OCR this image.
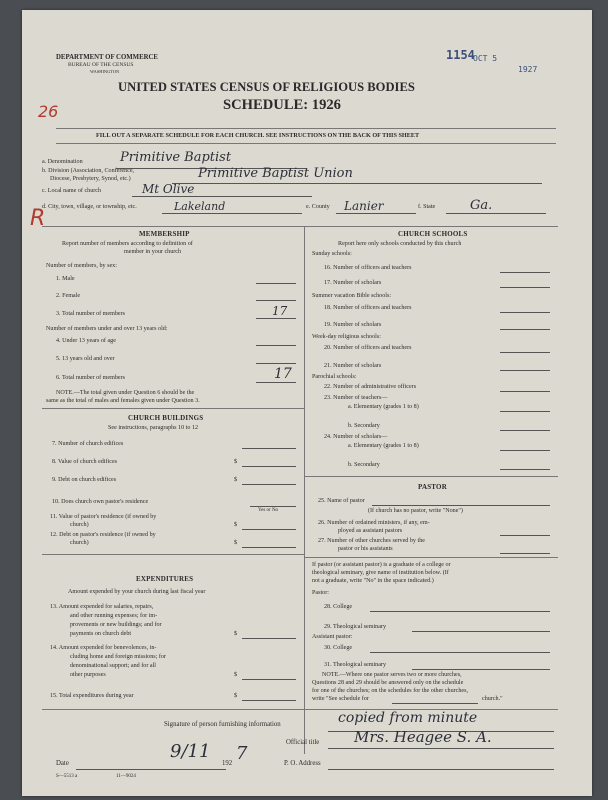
1154
OCT 5
1927
DEPARTMENT OF COMMERCE
BUREAU OF THE CENSUS
WASHINGTON
UNITED STATES CENSUS OF RELIGIOUS BODIES
SCHEDULE: 1926
26
R
FILL OUT A SEPARATE SCHEDULE FOR EACH CHURCH. SEE INSTRUCTIONS ON THE BACK OF THIS SHEET
a. Denomination	Primitive Baptist
b. Division (Association, Conference,
Diocese, Presbytery, Synod, etc.)	Primitive Baptist Union
c. Local name of church	Mt Olive
d. City, town, village, or township, etc.	Lakeland	e. County Lanier	f. State	Ga.
MEMBERSHIP
Report number of members according to definition of
member in your church
Number of members, by sex:
1. Male
2. Female
3. Total number of members	17
Number of members under and over 13 years old:
4. Under 13 years of age
5. 13 years old and over
6. Total number of members	17
NOTE.—The total given under Question 6 should be the
same as the total of males and females given under Question 3.
CHURCH BUILDINGS
See instructions, paragraphs 10 to 12
7. Number of church edifices
8. Value of church edifices	$
9. Debt on church edifices	$
10. Does church own pastor's residence
Yes or No
11. Value of pastor's residence (if owned by
church)	$
12. Debt on pastor's residence (if owned by
church)	$
EXPENDITURES
Amount expended by your church during last fiscal year
13. Amount expended for salaries, repairs,
and other running expenses; for im-
provements or new buildings; and for
payments on church debt	$
14. Amount expended for benevolences, in-
cluding home and foreign missions; for
denominational support; and for all
other purposes	$
15. Total expenditures during year	$
CHURCH SCHOOLS
Report here only schools conducted by this church
Sunday schools:
16. Number of officers and teachers
17. Number of scholars
Summer vacation Bible schools:
18. Number of officers and teachers
19. Number of scholars
Week-day religious schools:
20. Number of officers and teachers
21. Number of scholars
Parochial schools:
22. Number of administrative officers
23. Number of teachers—
a. Elementary (grades 1 to 8)
b. Secondary
24. Number of scholars—
a. Elementary (grades 1 to 8)
b. Secondary
PASTOR
25. Name of pastor
(If church has no pastor, write "None")
26. Number of ordained ministers, if any, em-
ployed as assistant pastors
27. Number of other churches served by the
pastor or his assistants
If pastor (or assistant pastor) is a graduate of a college or
theological seminary, give name of institution below. (If
not a graduate, write "No" in the space indicated.)
Pastor:
28. College
29. Theological seminary
Assistant pastor:
30. College
31. Theological seminary
NOTE.—Where one pastor serves two or more churches,
Questions 28 and 29 should be answered only on the schedule
for one of the churches; on the schedules for the other churches,
write "See schedule for	church."
Signature of person furnishing information	copied from minute
Official title Mrs. Heagee S. A.
Date
9/11
192 7	P. O. Address
S—5513 a	11—9024
